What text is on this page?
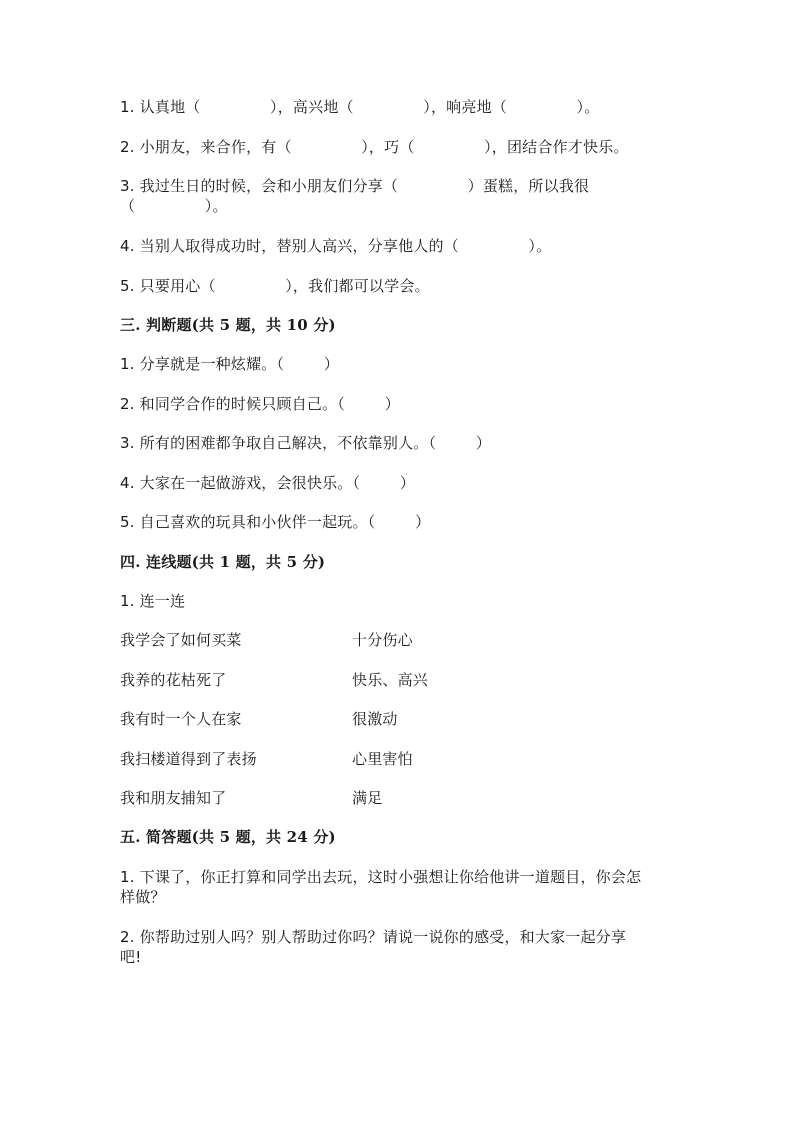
1. 认真地（              ），高兴地（              ），响亮地（              ）。
2. 小朋友，来合作，有（              ），巧（              ），团结合作才快乐。
3. 我过生日的时候，会和小朋友们分享（              ）蛋糕，所以我很
（              ）。
4. 当别人取得成功时，替别人高兴，分享他人的（              ）。
5. 只要用心（              ），我们都可以学会。
三. 判断题(共 5 题，共 10 分)
1. 分享就是一种炫耀。（        ）
2. 和同学合作的时候只顾自己。（        ）
3. 所有的困难都争取自己解决，不依靠别人。（        ）
4. 大家在一起做游戏，会很快乐。（        ）
5. 自己喜欢的玩具和小伙伴一起玩。（        ）
四. 连线题(共 1 题，共 5 分)
1. 连一连
我学会了如何买菜	十分伤心
我养的花枯死了	快乐、高兴
我有时一个人在家	很激动
我扫楼道得到了表扬	心里害怕
我和朋友捕知了	满足
五. 简答题(共 5 题，共 24 分)
1. 下课了，你正打算和同学出去玩，这时小强想让你给他讲一道题目，你会怎
样做？
2. 你帮助过别人吗？别人帮助过你吗？请说一说你的感受，和大家一起分享
吧!
